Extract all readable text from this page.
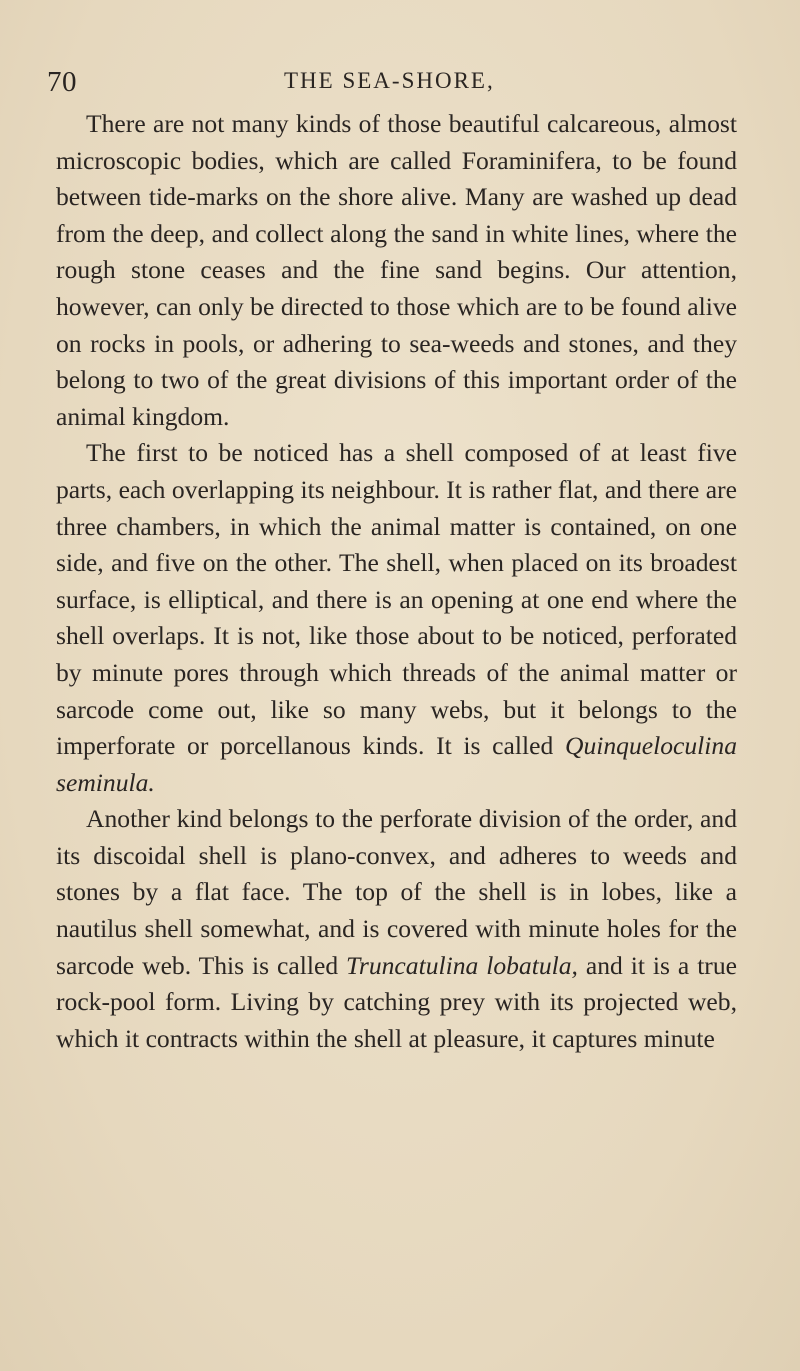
70	THE SEA-SHORE,

There are not many kinds of those beautiful calcareous, almost microscopic bodies, which are called Foraminifera, to be found between tide-marks on the shore alive. Many are washed up dead from the deep, and collect along the sand in white lines, where the rough stone ceases and the fine sand begins. Our attention, however, can only be directed to those which are to be found alive on rocks in pools, or adhering to sea-weeds and stones, and they belong to two of the great divisions of this important order of the animal kingdom.

The first to be noticed has a shell composed of at least five parts, each overlapping its neighbour. It is rather flat, and there are three chambers, in which the animal matter is contained, on one side, and five on the other. The shell, when placed on its broadest surface, is elliptical, and there is an opening at one end where the shell overlaps. It is not, like those about to be noticed, perforated by minute pores through which threads of the animal matter or sarcode come out, like so many webs, but it belongs to the imperforate or porcellanous kinds. It is called Quinqueloculina seminula.

Another kind belongs to the perforate division of the order, and its discoidal shell is plano-convex, and adheres to weeds and stones by a flat face. The top of the shell is in lobes, like a nautilus shell somewhat, and is covered with minute holes for the sarcode web. This is called Truncatulina lobatula, and it is a true rock-pool form. Living by catching prey with its projected web, which it contracts within the shell at pleasure, it captures minute
